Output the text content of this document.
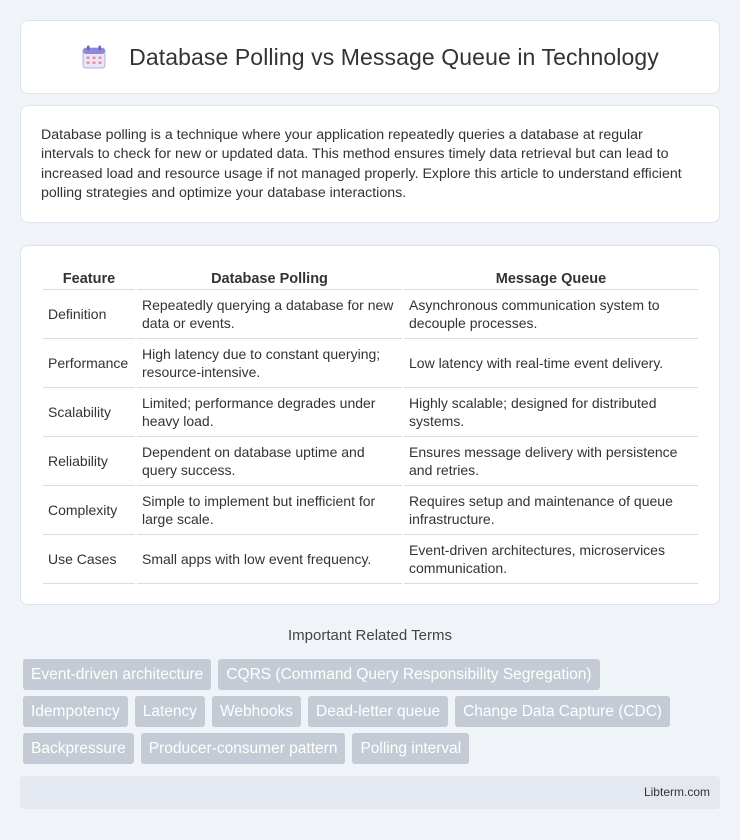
Database Polling vs Message Queue in Technology

Database polling is a technique where your application repeatedly queries a database at regular intervals to check for new or updated data. This method ensures timely data retrieval but can lead to increased load and resource usage if not managed properly. Explore this article to understand efficient polling strategies and optimize your database interactions.

Feature	Database Polling	Message Queue
Definition	Repeatedly querying a database for new data or events.	Asynchronous communication system to decouple processes.
Performance	High latency due to constant querying; resource-intensive.	Low latency with real-time event delivery.
Scalability	Limited; performance degrades under heavy load.	Highly scalable; designed for distributed systems.
Reliability	Dependent on database uptime and query success.	Ensures message delivery with persistence and retries.
Complexity	Simple to implement but inefficient for large scale.	Requires setup and maintenance of queue infrastructure.
Use Cases	Small apps with low event frequency.	Event-driven architectures, microservices communication.
Important Related Terms
Event-driven architecture	CQRS (Command Query Responsibility Segregation)
Idempotency	Latency	Webhooks	Dead-letter queue	Change Data Capture (CDC)
Backpressure	Producer-consumer pattern	Polling interval
Libterm.com
